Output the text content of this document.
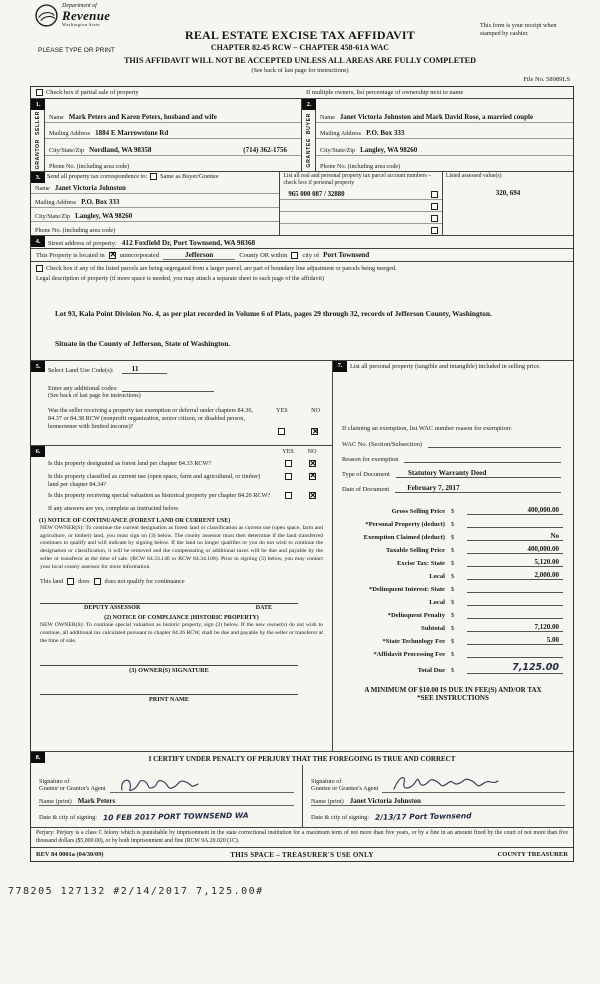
Department of
Revenue
Washington State
PLEASE TYPE OR PRINT
REAL ESTATE EXCISE TAX AFFIDAVIT
CHAPTER 82.45 RCW – CHAPTER 458-61A WAC
This form is your receipt when stamped by cashier.
THIS AFFIDAVIT WILL NOT BE ACCEPTED UNLESS ALL AREAS ARE FULLY COMPLETED
(See back of last page for instructions)
File No. 58989LS
Check box if partial sale of property	If multiple owners, list percentage of ownership next to name
1.
SELLER
GRANTOR
Name Mark Peters and Karen Peters, husband and wife
Mailing Address 1884 E Marrowstone Rd
City/State/Zip Nordland, WA 98358	(714) 362-1756
Phone No. (including area code)
2.
BUYER
GRANTEE
Name Janet Victoria Johnston and Mark David Rose, a married couple
Mailing Address P.O. Box 333
City/State/Zip Langley, WA 98260
Phone No. (including area code)
3.	Send all property tax correspondence to: Same as Buyer/Grantee
Name Janet Victoria Johnston
Mailing Address P.O. Box 333
City/State/Zip Langley, WA 98260
Phone No. (including area code)
List all real and personal property tax parcel account numbers – check box if personal property
965 000 087 / 32880
Listed assessed value(s)
320, 694
4.	Street address of property: 412 Foxfield Dr, Port Townsend, WA 98368
This Property is located in ✕ unincorporated	Jefferson	County OR within city of Port Townsend
Check box if any of the listed parcels are being segregated from a larger parcel, are part of boundary line adjustment or parcels being merged.
Legal description of property (if more space is needed, you may attach a separate sheet to each page of the affidavit)
Lot 93, Kala Point Division No. 4, as per plat recorded in Volume 6 of Plats, pages 29 through 32, records of Jefferson County, Washington.
Situate in the County of Jefferson, State of Washington.
5.
Select Land Use Code(s):	11
Enter any additional codes:
(See back of last page for instructions)
Was the seller receiving a property tax exemption or deferral under chapters 84.36, 84.37 or 84.38 RCW (nonprofit organization, senior citizen, or disabled person, homeowner with limited income)?
YES	NO
✕
6.	YES	NO
Is this property designated as forest land per chapter 84.33 RCW?
✕
Is this property classified as current use (open space, farm and agricultural, or timber) land per chapter 84.34?
✕
Is this property receiving special valuation as historical property per chapter 84.26 RCW?
✕
If any answers are yes, complete as instructed below.
(1) NOTICE OF CONTINUANCE (FOREST LAND OR CURRENT USE)
NEW OWNER(S): To continue the current designation as forest land or classification as current use (open space, farm and agriculture, or timber) land, you must sign on (3) below. The county assessor must then determine if the land transferred continues to qualify and will indicate by signing below. If the land no longer qualifies or you do not wish to continue the designation or classification, it will be removed and the compensating or additional taxes will be due and payable by the seller or transferor at the time of sale. (RCW 84.33.140 or RCW 84.34.108). Prior to signing (3) below, you may contact your local county assessor for more information.
This land does does not qualify for continuance
DEPUTY ASSESSOR	DATE
(2) NOTICE OF COMPLIANCE (HISTORIC PROPERTY)
NEW OWNER(S): To continue special valuation as historic property, sign (3) below. If the new owner(s) do not wish to continue, all additional tax calculated pursuant to chapter 84.26 RCW, shall be due and payable by the seller or transferor at the time of sale.
(3) OWNER(S) SIGNATURE
PRINT NAME
7.	List all personal property (tangible and intangible) included in selling price.
If claiming an exemption, list WAC number reason for exemption:
WAC No. (Section/Subsection)
Reason for exemption
Type of Document	Statutory Warranty Deed
Date of Document	February 7, 2017
Gross Selling Price $	400,000.00
*Personal Property (deduct) $
Exemption Claimed (deduct) $	No
Taxable Selling Price $	400,000.00
Excise Tax: State $	5,120.00
Local $	2,000.00
*Delinquent Interest: State $
Local $
*Delinquent Penalty $
Subtotal $	7,120.00
*State Technology Fee $	5.00
*Affidavit Processing Fee $
Total Due $	7,125.00
A MINIMUM OF $10.00 IS DUE IN FEE(S) AND/OR TAX
*SEE INSTRUCTIONS
8.	I CERTIFY UNDER PENALTY OF PERJURY THAT THE FOREGOING IS TRUE AND CORRECT
Signature of
Grantor or Grantor's Agent
Name (print) Mark Peters
Date & city of signing: 10 FEB 2017 PORT TOWNSEND WA
Signature of
Grantee or Grantee's Agent
Name (print) Janet Victoria Johnston
Date & city of signing: 2/13/17 Port Townsend
Perjury: Perjury is a class C felony which is punishable by imprisonment in the state correctional institution for a maximum term of not more than five years, or by a fine in an amount fixed by the court of not more than five thousand dollars ($5,000.00), or by both imprisonment and fine (RCW 9A.20.020 (1C).
REV 84 0001a (04/30/09)	THIS SPACE – TREASURER'S USE ONLY	COUNTY TREASURER
778205 127132 #2/14/2017 7,125.00#
